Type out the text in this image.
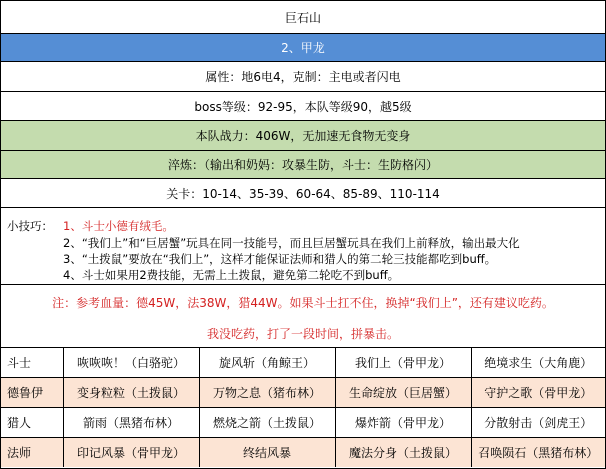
巨石山
2、甲龙
属性：地6电4，克制：主电或者闪电
boss等级：92-95，本队等级90，越5级
本队战力：406W，无加速无食物无变身
淬炼：（输出和奶妈：攻暴生防，斗士：生防格闪）
关卡：10-14、35-39、60-64、85-89、110-114
小技巧： 1、斗士小德有绒毛。
2、“我们上”和“巨居蟹”玩具在同一技能号，而且巨居蟹玩具在我们上前释放，输出最大化
3、“土拨鼠”要放在“我们上”，这样才能保证法师和猎人的第二轮三技能都吃到buff。
4、斗士如果用2费技能，无需上土拨鼠，避免第二轮吃不到buff。
注：参考血量：德45W，法38W，猎44W。如果斗士扛不住，换掉“我们上”，还有建议吃药。
我没吃药，打了一段时间，拼暴击。
斗士	咴咴咴！（白骆驼）	旋风斩（角鲸王）	我们上（骨甲龙）	绝境求生（大角鹿）
德鲁伊	变身粒粒（土拨鼠）	万物之息（猪布林）	生命绽放（巨居蟹）	守护之歌（骨甲龙）
猎人	箭雨（黑猪布林）	燃烧之箭（土拨鼠）	爆炸箭（骨甲龙）	分散射击（剑虎王）
法师	印记风暴（骨甲龙）	终结风暴	魔法分身（土拨鼠）	召唤陨石（黑猪布林）
